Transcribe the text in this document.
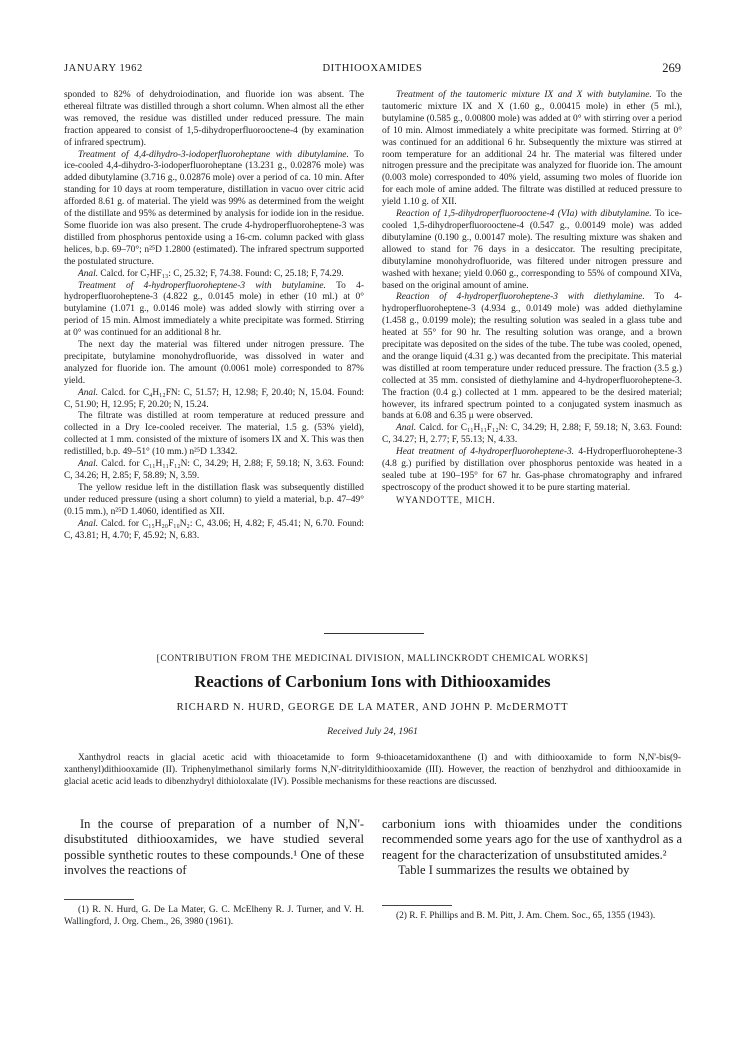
JANUARY 1962	DITHIOOXAMIDES	269

sponded to 82% of dehydroiodination, and fluoride ion was absent. The ethereal filtrate was distilled through a short column. When almost all the ether was removed, the residue was distilled under reduced pressure. The main fraction appeared to consist of 1,5-dihydroperfluorooctene-4 (by examination of infrared spectrum).

Treatment of 4,4-dihydro-3-iodoperfluoroheptane with dibutylamine. To ice-cooled 4,4-dihydro-3-iodoperfluoroheptane (13.231 g., 0.02876 mole) was added dibutylamine (3.716 g., 0.02876 mole) over a period of ca. 10 min. After standing for 10 days at room temperature, distillation in vacuo over citric acid afforded 8.61 g. of material. The yield was 99% as determined from the weight of the distillate and 95% as determined by analysis for iodide ion in the residue. Some fluoride ion was also present. The crude 4-hydroperfluoroheptene-3 was distilled from phosphorus pentoxide using a 16-cm. column packed with glass helices, b.p. 69–70°; n²⁵D 1.2800 (estimated). The infrared spectrum supported the postulated structure.

Anal. Calcd. for C₇HF₁₃: C, 25.32; F, 74.38. Found: C, 25.18; F, 74.29.

Treatment of 4-hydroperfluoroheptene-3 with butylamine. To 4-hydroperfluoroheptene-3 (4.822 g., 0.0145 mole) in ether (10 ml.) at 0° butylamine (1.071 g., 0.0146 mole) was added slowly with stirring over a period of 15 min. Almost immediately a white precipitate was formed. Stirring at 0° was continued for an additional 8 hr.

The next day the material was filtered under nitrogen pressure. The precipitate, butylamine monohydrofluoride, was dissolved in water and analyzed for fluoride ion. The amount (0.0061 mole) corresponded to 87% yield.

Anal. Calcd. for C₄H₁₂FN: C, 51.57; H, 12.98; F, 20.40; N, 15.04. Found: C, 51.90; H, 12.95; F, 20.20; N, 15.24.

The filtrate was distilled at room temperature at reduced pressure and collected in a Dry Ice-cooled receiver. The material, 1.5 g. (53% yield), collected at 1 mm. consisted of the mixture of isomers IX and X. This was then redistilled, b.p. 49–51° (10 mm.) n²⁵D 1.3342.

Anal. Calcd. for C₁₁H₁₁F₁₂N: C, 34.29; H, 2.88; F, 59.18; N, 3.63. Found: C, 34.26; H, 2.85; F, 58.89; N, 3.59.

The yellow residue left in the distillation flask was subsequently distilled under reduced pressure (using a short column) to yield a material, b.p. 47–49° (0.15 mm.), n²⁵D 1.4060, identified as XII.

Anal. Calcd. for C₁₅H₂₀F₁₀N₂: C, 43.06; H, 4.82; F, 45.41; N, 6.70. Found: C, 43.81; H, 4.70; F, 45.92; N, 6.83.

Treatment of the tautomeric mixture IX and X with butylamine. To the tautomeric mixture IX and X (1.60 g., 0.00415 mole) in ether (5 ml.), butylamine (0.585 g., 0.00800 mole) was added at 0° with stirring over a period of 10 min. Almost immediately a white precipitate was formed. Stirring at 0° was continued for an additional 6 hr. Subsequently the mixture was stirred at room temperature for an additional 24 hr. The material was filtered under nitrogen pressure and the precipitate was analyzed for fluoride ion. The amount (0.003 mole) corresponded to 40% yield, assuming two moles of fluoride ion for each mole of amine added. The filtrate was distilled at reduced pressure to yield 1.10 g. of XII.

Reaction of 1,5-dihydroperfluorooctene-4 (VIa) with dibutylamine. To ice-cooled 1,5-dihydroperfluorooctene-4 (0.547 g., 0.00149 mole) was added dibutylamine (0.190 g., 0.00147 mole). The resulting mixture was shaken and allowed to stand for 76 days in a desiccator. The resulting precipitate, dibutylamine monohydrofluoride, was filtered under nitrogen pressure and washed with hexane; yield 0.060 g., corresponding to 55% of compound XIVa, based on the original amount of amine.

Reaction of 4-hydroperfluoroheptene-3 with diethylamine. To 4-hydroperfluoroheptene-3 (4.934 g., 0.0149 mole) was added diethylamine (1.458 g., 0.0199 mole); the resulting solution was sealed in a glass tube and heated at 55° for 90 hr. The resulting solution was orange, and a brown precipitate was deposited on the sides of the tube. The tube was cooled, opened, and the orange liquid (4.31 g.) was decanted from the precipitate. This material was distilled at room temperature under reduced pressure. The fraction (3.5 g.) collected at 35 mm. consisted of diethylamine and 4-hydroperfluoroheptene-3. The fraction (0.4 g.) collected at 1 mm. appeared to be the desired material; however, its infrared spectrum pointed to a conjugated system inasmuch as bands at 6.08 and 6.35 μ were observed.

Anal. Calcd. for C₁₁H₁₁F₁₂N: C, 34.29; H, 2.88; F, 59.18; N, 3.63. Found: C, 34.27; H, 2.77; F, 55.13; N, 4.33.

Heat treatment of 4-hydroperfluoroheptene-3. 4-Hydroperfluoroheptene-3 (4.8 g.) purified by distillation over phosphorus pentoxide was heated in a sealed tube at 190–195° for 67 hr. Gas-phase chromatography and infrared spectroscopy of the product showed it to be pure starting material.

WYANDOTTE, MICH.

[CONTRIBUTION FROM THE MEDICINAL DIVISION, MALLINCKRODT CHEMICAL WORKS]
Reactions of Carbonium Ions with Dithiooxamides
RICHARD N. HURD, GEORGE DE LA MATER, AND JOHN P. McDERMOTT
Received July 24, 1961

Xanthydrol reacts in glacial acetic acid with thioacetamide to form 9-thioacetamidoxanthene (I) and with dithiooxamide to form N,N'-bis(9-xanthenyl)dithiooxamide (II). Triphenylmethanol similarly forms N,N'-ditrityldithiooxamide (III). However, the reaction of benzhydrol and dithiooxamide in glacial acetic acid leads to dibenzhydryl dithioloxalate (IV). Possible mechanisms for these reactions are discussed.

In the course of preparation of a number of N,N'-disubstituted dithiooxamides, we have studied several possible synthetic routes to these compounds.¹ One of these involves the reactions of

carbonium ions with thioamides under the conditions recommended some years ago for the use of xanthydrol as a reagent for the characterization of unsubstituted amides.²

Table I summarizes the results we obtained by

(1) R. N. Hurd, G. De La Mater, G. C. McElheny R. J. Turner, and V. H. Wallingford, J. Org. Chem., 26, 3980 (1961).

(2) R. F. Phillips and B. M. Pitt, J. Am. Chem. Soc., 65, 1355 (1943).
